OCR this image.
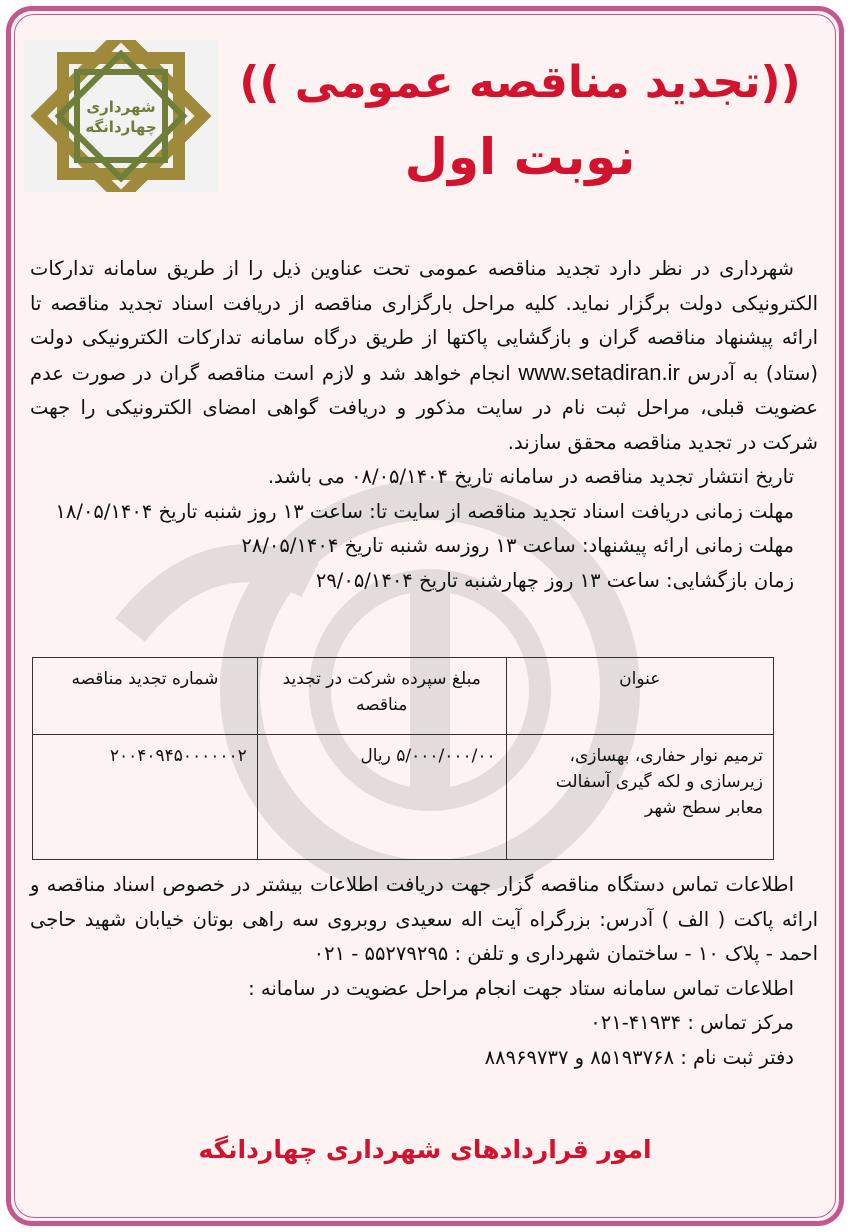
شهرداری
چهاردانگه
((تجدید مناقصه عمومی ))
نوبت اول

شهرداری در نظر دارد تجدید مناقصه عمومی تحت عناوین ذیل را از طریق سامانه تدارکات الکترونیکی دولت برگزار نماید. کلیه مراحل بارگزاری مناقصه از دریافت اسناد تجدید مناقصه تا ارائه پیشنهاد مناقصه گران و بازگشایی پاکتها از طریق درگاه سامانه تدارکات الکترونیکی دولت (ستاد) به آدرس www.setadiran.ir انجام خواهد شد و لازم است مناقصه گران در صورت عدم عضویت قبلی، مراحل ثبت نام در سایت مذکور و دریافت گواهی امضای الکترونیکی را جهت شرکت در تجدید مناقصه محقق سازند.

تاریخ انتشار تجدید مناقصه در سامانه تاریخ ۰۸/۰۵/۱۴۰۴ می باشد.

مهلت زمانی دریافت اسناد تجدید مناقصه از سایت تا: ساعت ۱۳ روز شنبه تاریخ ۱۸/۰۵/۱۴۰۴

مهلت زمانی ارائه پیشنهاد: ساعت ۱۳ روزسه شنبه تاریخ ۲۸/۰۵/۱۴۰۴

زمان بازگشایی: ساعت ۱۳ روز چهارشنبه تاریخ ۲۹/۰۵/۱۴۰۴

عنوان	مبلغ سپرده شرکت در تجدید مناقصه	شماره تجدید مناقصه
ترمیم نوار حفاری، بهسازی، زیرسازی و لکه گیری آسفالت معابر سطح شهر	۵/۰۰۰/۰۰۰/۰۰ ریال	۲۰۰۴۰۹۴۵۰۰۰۰۰۰۲

اطلاعات تماس دستگاه مناقصه گزار جهت دریافت اطلاعات بیشتر در خصوص اسناد مناقصه و ارائه پاکت ( الف ) آدرس: بزرگراه آیت اله سعیدی روبروی سه راهی بوتان خیابان شهید حاجی احمد - پلاک ۱۰ - ساختمان شهرداری و تلفن : ۵۵۲۷۹۲۹۵ - ۰۲۱

اطلاعات تماس سامانه ستاد جهت انجام مراحل عضویت در سامانه :

مرکز تماس : ۴۱۹۳۴-۰۲۱

دفتر ثبت نام : ۸۵۱۹۳۷۶۸ و ۸۸۹۶۹۷۳۷

امور قراردادهای شهرداری چهاردانگه
